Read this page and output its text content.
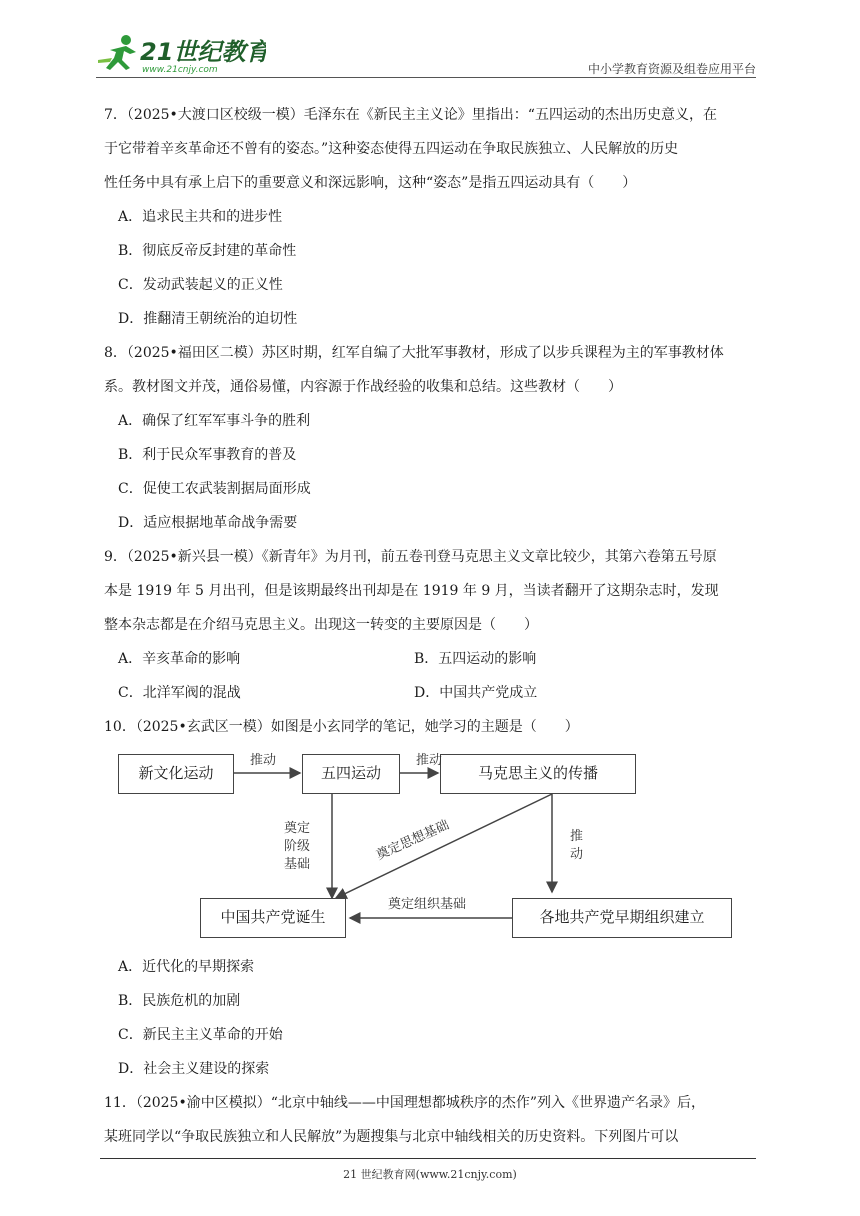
21世纪教育
www.21cnjy.com	中小学教育资源及组卷应用平台
7．（2025•大渡口区校级一模）毛泽东在《新民主主义论》里指出：“五四运动的杰出历史意义，在
于它带着辛亥革命还不曾有的姿态。”这种姿态使得五四运动在争取民族独立、人民解放的历史
性任务中具有承上启下的重要意义和深远影响，这种“姿态”是指五四运动具有（　　）
A．追求民主共和的进步性
B．彻底反帝反封建的革命性
C．发动武装起义的正义性
D．推翻清王朝统治的迫切性
8．（2025•福田区二模）苏区时期，红军自编了大批军事教材，形成了以步兵课程为主的军事教材体
系。教材图文并茂，通俗易懂，内容源于作战经验的收集和总结。这些教材（　　）
A．确保了红军军事斗争的胜利
B．利于民众军事教育的普及
C．促使工农武装割据局面形成
D．适应根据地革命战争需要
9．（2025•新兴县一模）《新青年》为月刊，前五卷刊登马克思主义文章比较少，其第六卷第五号原
本是 1919 年 5 月出刊，但是该期最终出刊却是在 1919 年 9 月，当读者翻开了这期杂志时，发现
整本杂志都是在介绍马克思主义。出现这一转变的主要原因是（　　）
A．辛亥革命的影响	B．五四运动的影响
C．北洋军阀的混战	D．中国共产党成立
10．（2025•玄武区一模）如图是小玄同学的笔记，她学习的主题是（　　）
新文化运动	五四运动	马克思主义的传播
中国共产党诞生	各地共产党早期组织建立
推动	推动
奠定
阶级
基础
奠定思想基础	推
动
奠定组织基础
A．近代化的早期探索
B．民族危机的加剧
C．新民主主义革命的开始
D．社会主义建设的探索
11．（2025•渝中区模拟）“北京中轴线——中国理想都城秩序的杰作”列入《世界遗产名录》后，
某班同学以“争取民族独立和人民解放”为题搜集与北京中轴线相关的历史资料。下列图片可以
21 世纪教育网(www.21cnjy.com)
